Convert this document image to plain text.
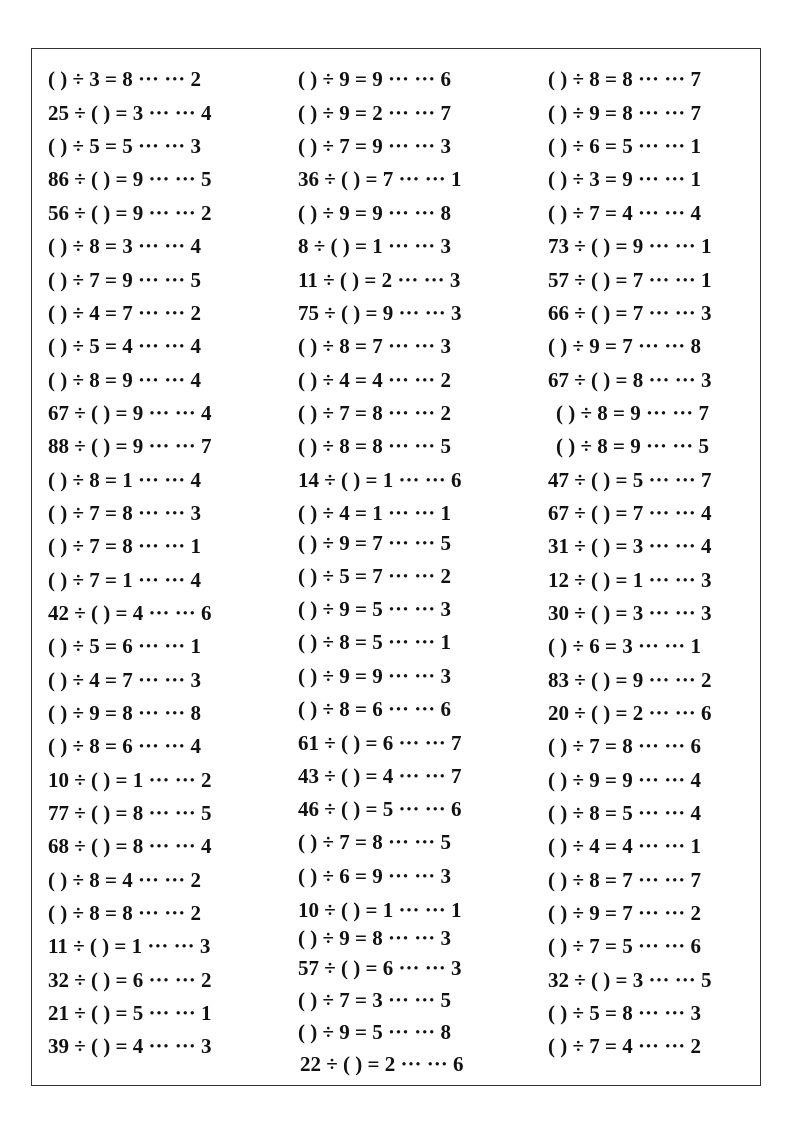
( ) ÷ 3 = 8 ··· ··· 2
25 ÷ ( ) = 3 ··· ··· 4
( ) ÷ 5 = 5 ··· ··· 3
86 ÷ ( ) = 9 ··· ··· 5
56 ÷ ( ) = 9 ··· ··· 2
( ) ÷ 8 = 3 ··· ··· 4
( ) ÷ 7 = 9 ··· ··· 5
( ) ÷ 4 = 7 ··· ··· 2
( ) ÷ 5 = 4 ··· ··· 4
( ) ÷ 8 = 9 ··· ··· 4
67 ÷ ( ) = 9 ··· ··· 4
88 ÷ ( ) = 9 ··· ··· 7
( ) ÷ 8 = 1 ··· ··· 4
( ) ÷ 7 = 8 ··· ··· 3
( ) ÷ 7 = 8 ··· ··· 1
( ) ÷ 7 = 1 ··· ··· 4
42 ÷ ( ) = 4 ··· ··· 6
( ) ÷ 5 = 6 ··· ··· 1
( ) ÷ 4 = 7 ··· ··· 3
( ) ÷ 9 = 8 ··· ··· 8
( ) ÷ 8 = 6 ··· ··· 4
10 ÷ ( ) = 1 ··· ··· 2
77 ÷ ( ) = 8 ··· ··· 5
68 ÷ ( ) = 8 ··· ··· 4
( ) ÷ 8 = 4 ··· ··· 2
( ) ÷ 8 = 8 ··· ··· 2
11 ÷ ( ) = 1 ··· ··· 3
32 ÷ ( ) = 6 ··· ··· 2
21 ÷ ( ) = 5 ··· ··· 1
39 ÷ ( ) = 4 ··· ··· 3
( ) ÷ 9 = 9 ··· ··· 6
( ) ÷ 9 = 2 ··· ··· 7
( ) ÷ 7 = 9 ··· ··· 3
36 ÷ ( ) = 7 ··· ··· 1
( ) ÷ 9 = 9 ··· ··· 8
8 ÷ ( ) = 1 ··· ··· 3
11 ÷ ( ) = 2 ··· ··· 3
75 ÷ ( ) = 9 ··· ··· 3
( ) ÷ 8 = 7 ··· ··· 3
( ) ÷ 4 = 4 ··· ··· 2
( ) ÷ 7 = 8 ··· ··· 2
( ) ÷ 8 = 8 ··· ··· 5
14 ÷ ( ) = 1 ··· ··· 6
( ) ÷ 4 = 1 ··· ··· 1
( ) ÷ 9 = 7 ··· ··· 5
( ) ÷ 5 = 7 ··· ··· 2
( ) ÷ 9 = 5 ··· ··· 3
( ) ÷ 8 = 5 ··· ··· 1
( ) ÷ 9 = 9 ··· ··· 3
( ) ÷ 8 = 6 ··· ··· 6
61 ÷ ( ) = 6 ··· ··· 7
43 ÷ ( ) = 4 ··· ··· 7
46 ÷ ( ) = 5 ··· ··· 6
( ) ÷ 7 = 8 ··· ··· 5
( ) ÷ 6 = 9 ··· ··· 3
10 ÷ ( ) = 1 ··· ··· 1
( ) ÷ 9 = 8 ··· ··· 3
57 ÷ ( ) = 6 ··· ··· 3
( ) ÷ 7 = 3 ··· ··· 5
( ) ÷ 9 = 5 ··· ··· 8
22 ÷ ( ) = 2 ··· ··· 6
( ) ÷ 8 = 8 ··· ··· 7
( ) ÷ 9 = 8 ··· ··· 7
( ) ÷ 6 = 5 ··· ··· 1
( ) ÷ 3 = 9 ··· ··· 1
( ) ÷ 7 = 4 ··· ··· 4
73 ÷ ( ) = 9 ··· ··· 1
57 ÷ ( ) = 7 ··· ··· 1
66 ÷ ( ) = 7 ··· ··· 3
( ) ÷ 9 = 7 ··· ··· 8
67 ÷ ( ) = 8 ··· ··· 3
( ) ÷ 8 = 9 ··· ··· 7
( ) ÷ 8 = 9 ··· ··· 5
47 ÷ ( ) = 5 ··· ··· 7
67 ÷ ( ) = 7 ··· ··· 4
31 ÷ ( ) = 3 ··· ··· 4
12 ÷ ( ) = 1 ··· ··· 3
30 ÷ ( ) = 3 ··· ··· 3
( ) ÷ 6 = 3 ··· ··· 1
83 ÷ ( ) = 9 ··· ··· 2
20 ÷ ( ) = 2 ··· ··· 6
( ) ÷ 7 = 8 ··· ··· 6
( ) ÷ 9 = 9 ··· ··· 4
( ) ÷ 8 = 5 ··· ··· 4
( ) ÷ 4 = 4 ··· ··· 1
( ) ÷ 8 = 7 ··· ··· 7
( ) ÷ 9 = 7 ··· ··· 2
( ) ÷ 7 = 5 ··· ··· 6
32 ÷ ( ) = 3 ··· ··· 5
( ) ÷ 5 = 8 ··· ··· 3
( ) ÷ 7 = 4 ··· ··· 2
